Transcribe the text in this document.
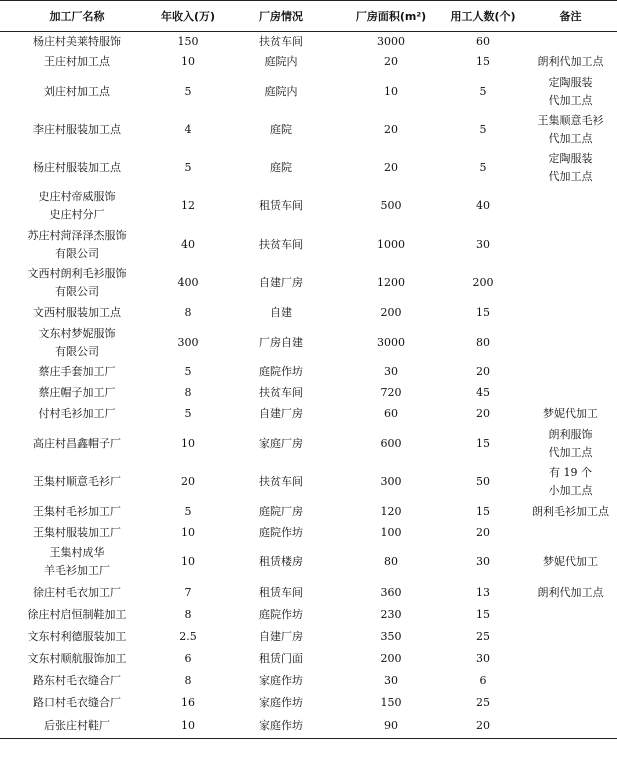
加工厂名称	年收入(万)	厂房情况	厂房面积(m²)	用工人数(个)	备注

杨庄村美莱特服饰	150	扶贫车间	3000	60	

王庄村加工点	10	庭院内	20	15	朗利代加工点

刘庄村加工点	5	庭院内	10	5	定陶服装
代加工点

李庄村服装加工点	4	庭院	20	5	王集顺意毛衫
代加工点

杨庄村服装加工点	5	庭院	20	5	定陶服装
代加工点

史庄村帝威服饰
史庄村分厂	12	租赁车间	500	40	

苏庄村菏泽泽杰服饰
有限公司	40	扶贫车间	1000	30	

文西村朗利毛衫服饰
有限公司	400	自建厂房	1200	200	

文西村服装加工点	8	自建	200	15	

文东村梦妮服饰
有限公司	300	厂房自建	3000	80	

蔡庄手套加工厂	5	庭院作坊	30	20	

蔡庄帽子加工厂	8	扶贫车间	720	45	

付村毛衫加工厂	5	自建厂房	60	20	梦妮代加工

高庄村昌鑫帽子厂	10	家庭厂房	600	15	朗利服饰
代加工点

王集村顺意毛衫厂	20	扶贫车间	300	50	有 19 个
小加工点

王集村毛衫加工厂	5	庭院厂房	120	15	朗利毛衫加工点

王集村服装加工厂	10	庭院作坊	100	20	

王集村成华
羊毛衫加工厂	10	租赁楼房	80	30	梦妮代加工

徐庄村毛衣加工厂	7	租赁车间	360	13	朗利代加工点

徐庄村启恒制鞋加工	8	庭院作坊	230	15	

文东村利德服装加工	2.5	自建厂房	350	25	

文东村顺航服饰加工	6	租赁门面	200	30	

路东村毛衣缝合厂	8	家庭作坊	30	6	

路口村毛衣缝合厂	16	家庭作坊	150	25	

后张庄村鞋厂	10	家庭作坊	90	20	
